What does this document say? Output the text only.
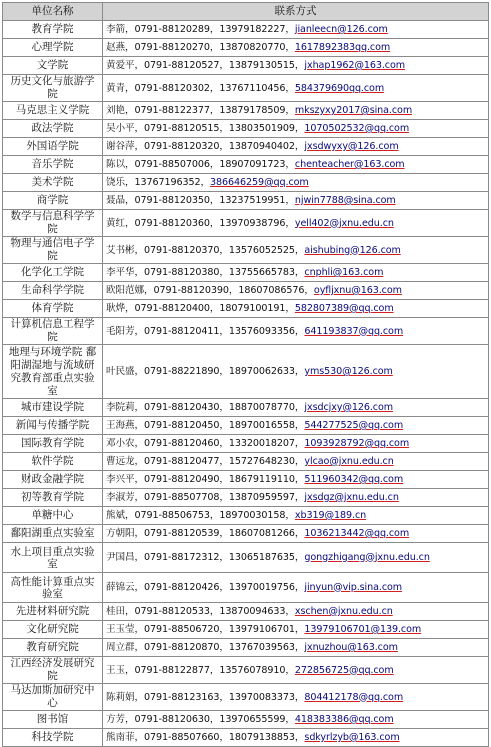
单位名称	联系方式
教育学院	李箭，0791-88120289，13979182227，jianleecn@126.com
心理学院	赵燕，0791-88120270，13870820770，1617892383qq.com
文学院	黄爱平，0791-88120527，13879130515，jxhap1962@163.com
历史文化与旅游学院	黄青，0791-88120302，13767110456，584379690qq.com
马克思主义学院	刘艳，0791-88122377，13879178509，mkszyxy2017@sina.com
政法学院	吴小平，0791-88120515，13803501909，1070502532@qq.com
外国语学院	谢谷萍，0791-88120320，13870940402，jxsdwyxy@126.com
音乐学院	陈以，0791-88507006，18907091723，chenteacher@163.com
美术学院	饶乐，13767196352，386646259@qq.com
商学院	聂晶，0791-88120350，13237519951，njwin7788@sina.com
数学与信息科学学院	黄红，0791-88120360，13970938796，yell402@jxnu.edu.cn
物理与通信电子学院	艾书彬，0791-88120370，13576052525，aishubing@126.com
化学化工学院	李平华，0791-88120380，13755665783，cnphli@163.com
生命科学学院	欧阳范娜，0791-88120390，18607086576，oyfljxnu@163.com
体育学院	耿烨，0791-88120400，18079100191，582807389@qq.com
计算机信息工程学院	毛阳芳，0791-88120411，13576093356，641193837@qq.com
地理与环境学院 鄱阳湖湿地与流域研究教育部重点实验室	叶民盛，0791-88221890，18970062633，yms530@126.com
城市建设学院	李院莉，0791-88120430，18870078770，jxsdcjxy@126.com
新闻与传播学院	王海燕，0791-88120450，18970016558，544277525@qq.com
国际教育学院	邓小农，0791-88120460，13320018207，1093928792@qq.com
软件学院	曹远龙，0791-88120477，15727648230，ylcao@jxnu.edu.cn
财政金融学院	李兴平，0791-88120490，18679119110，511960342@qq.com
初等教育学院	李淑芳，0791-88507708，13870959597，jxsdgz@jxnu.edu.cn
单糖中心	熊斌，0791-88506753，18970030158，xb319@189.cn
鄱阳湖重点实验室	方朝阳，0791-88120539，18607081266，1036213442@qq.com
水上项目重点实验室	尹国昌，0791-88172312，13065187635，gongzhigang@jxnu.edu.cn
高性能计算重点实验室	薛锦云，0791-88120426，13970019756，jinyun@vip.sina.com
先进材料研究院	桂田，0791-88120533，13870094633，xschen@jxnu.edu.cn
文化研究院	王玉莹，0791-88506720，13979106701，13979106701@139.com
教育研究院	周立群，0791-88120870，13767039563，jxnuzhou@163.com
江西经济发展研究院	王玉，0791-88122877，13576078910，272856725@qq.com
马达加斯加研究中心	陈莉娟，0791-88123163，13970083373，804412178@qq.com
图书馆	方芳，0791-88120630，13970655599，418383386@qq.com
科技学院	熊南菲，0791-88507660，18079138853，sdkyrlzyb@163.com
